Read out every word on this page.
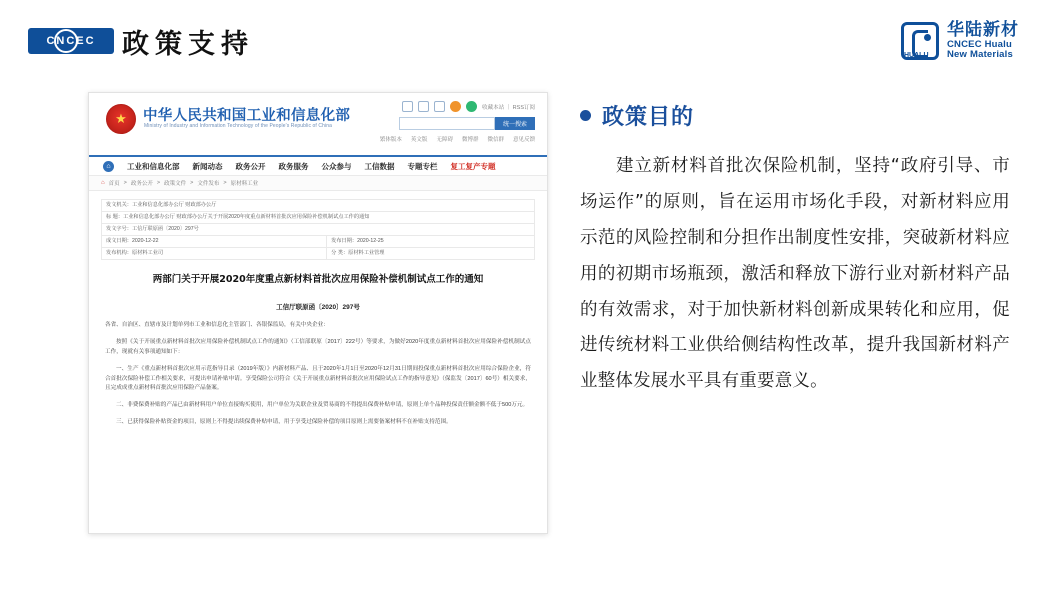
CNCEC 政策支持	HUALU
华陆新材
CNCEC Hualu
New Materials
★
中华人民共和国工业和信息化部
Ministry of Industry and Information Technology of the People's Republic of China
收藏本站 ｜ RSS订阅
统一搜索
繁体版本 英文版 无障碍 微博群 微信群 意见反馈
⌂	工业和信息化部 新闻动态 政务公开 政务服务 公众参与 工信数据 专题专栏 复工复产专题
⌂ 首页 > 政务公开 > 政策文件 > 文件发布 > 原材料工业
发文机关：工业和信息化部办公厅 财政部办公厅	
标 题：工业和信息化部办公厅 财政部办公厅关于开展2020年度重点新材料首批次应用保险补偿机制试点工作的通知	
发文字号：工信厅联原函〔2020〕297号	
成文日期：2020-12-22	发布日期：2020-12-25
发布机构：原材料工业司	分 类：原材料工业管理
两部门关于开展2020年度重点新材料首批次应用保险补偿机制试点工作的通知
工信厅联原函〔2020〕297号

各省、自治区、直辖市及计划单列市工业和信息化主管部门、各银保监局，有关中央企业：

按照《关于开展重点新材料首批次应用保险补偿机制试点工作的通知》（工信部联原〔2017〕222号）等要求，为做好2020年度重点新材料首批次应用保险补偿机制试点工作，现就有关事项通知如下：

一、生产《重点新材料首批次应用示范指导目录（2019年版）》内新材料产品、且于2020年1月1日至2020年12月31日期间投保重点新材料首批次应用综合保险企业，符合首批次保险补偿工作相关要求，可提出申请补贴申请。享受保险公司符合《关于开展重点新材料首批次应用保险试点工作的指导意见》（保监发〔2017〕60号）相关要求，且完成成重点新材料首批次应用保险产品备案。

二、非费保费补贴的产品已由新材料用户单位直接购买使用，用户单位为关联企业及贸易商的不得提出保费补贴申请，原则上单个品种投保责任额金额不低于500万元。

三、已获得保险补贴资金的项目，原则上不得提出续保费补贴申请，用于享受过保险补偿的项目原则上需要备案材料不在补贴支持范围。

政策目的
建立新材料首批次保险机制，坚持“政府引导、市场运作”的原则，旨在运用市场化手段，对新材料应用示范的风险控制和分担作出制度性安排，突破新材料应用的初期市场瓶颈，激活和释放下游行业对新材料产品的有效需求，对于加快新材料创新成果转化和应用，促进传统材料工业供给侧结构性改革，提升我国新材料产业整体发展水平具有重要意义。
